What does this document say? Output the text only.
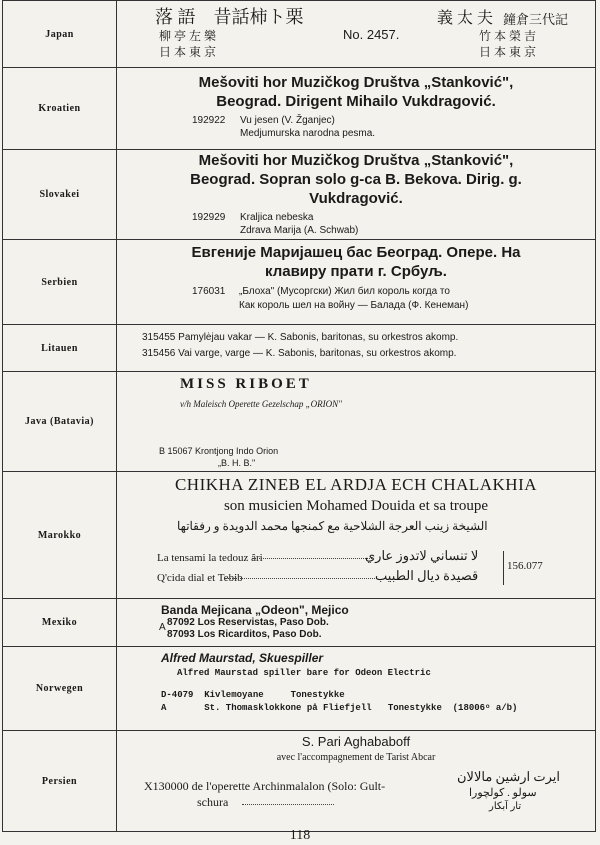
Japan
落 語　昔話柿ト栗
柳 亭 左 樂
日 本 東 京
No. 2457.
義 太 夫 鐘倉三代記
竹 本 榮 吉
日 本 東 京
Kroatien
Mešoviti hor Muzičkog Društva „Stanković",
Beograd. Dirigent Mihailo Vukdragović.
192922 Vu jesen (V. Žganjec)
Medjumurska narodna pesma.
Slovakei
Mešoviti hor Muzičkog Društva „Stanković",
Beograd. Sopran solo g-ca B. Bekova. Dirig. g.
Vukdragović.
192929 Kraljica nebeska
Zdrava Marija (A. Schwab)
Serbien
Евгеније Маријашец бас Београд. Опере. На
клавиру прати г. Србуљ.
176031 „Блоха" (Мусоргски) Жил бил король когда то
Как король шел на войну — Балада (Ф. Кенеман)
Litauen
315455 Pamylėjau vakar — K. Sabonis, baritonas, su orkestros akomp.
315456 Vai varge, varge — K. Sabonis, baritonas, su orkestros akomp.
Java (Batavia)
MISS RIBOET
v/h Maleisch Operette Gezelschap „ORION"
B 15067 Krontjong Indo Orion
„B. H. B."
Marokko
CHIKHA ZINEB EL ARDJA ECH CHALAKHIA
son musicien Mohamed Douida et sa troupe
الشيخة زينب العرجة الشلاحية مع كمنجها محمد الدويدة و رفقاتها
La tensami la tedouz ȃri
Q'cida dial et Tebib
لا تنساني لاتدوز عاري
قصيدة ديال الطبيب
156.077
Mexiko
Banda Mejicana „Odeon", Mejico
A 87092 Los Reservistas, Paso Dob.
87093 Los Ricarditos, Paso Dob.
Norwegen
Alfred Maurstad, Skuespiller
Alfred Maurstad spiller bare for Odeon Electric
D-4079  Kivlemoyane     Tonestykke
A       St. Thomasklokkone på Fliefjell   Tonestykke  (18006ᵒ a/b)
Persien
S. Pari Aghababoff
avec l'accompagnement de Tarist Abcar
X130000 de l'operette Archinmalalon (Solo: Gult-
schura
ایرت ارشین مالالان
سولو . کولچورا
تار آبکار
118
